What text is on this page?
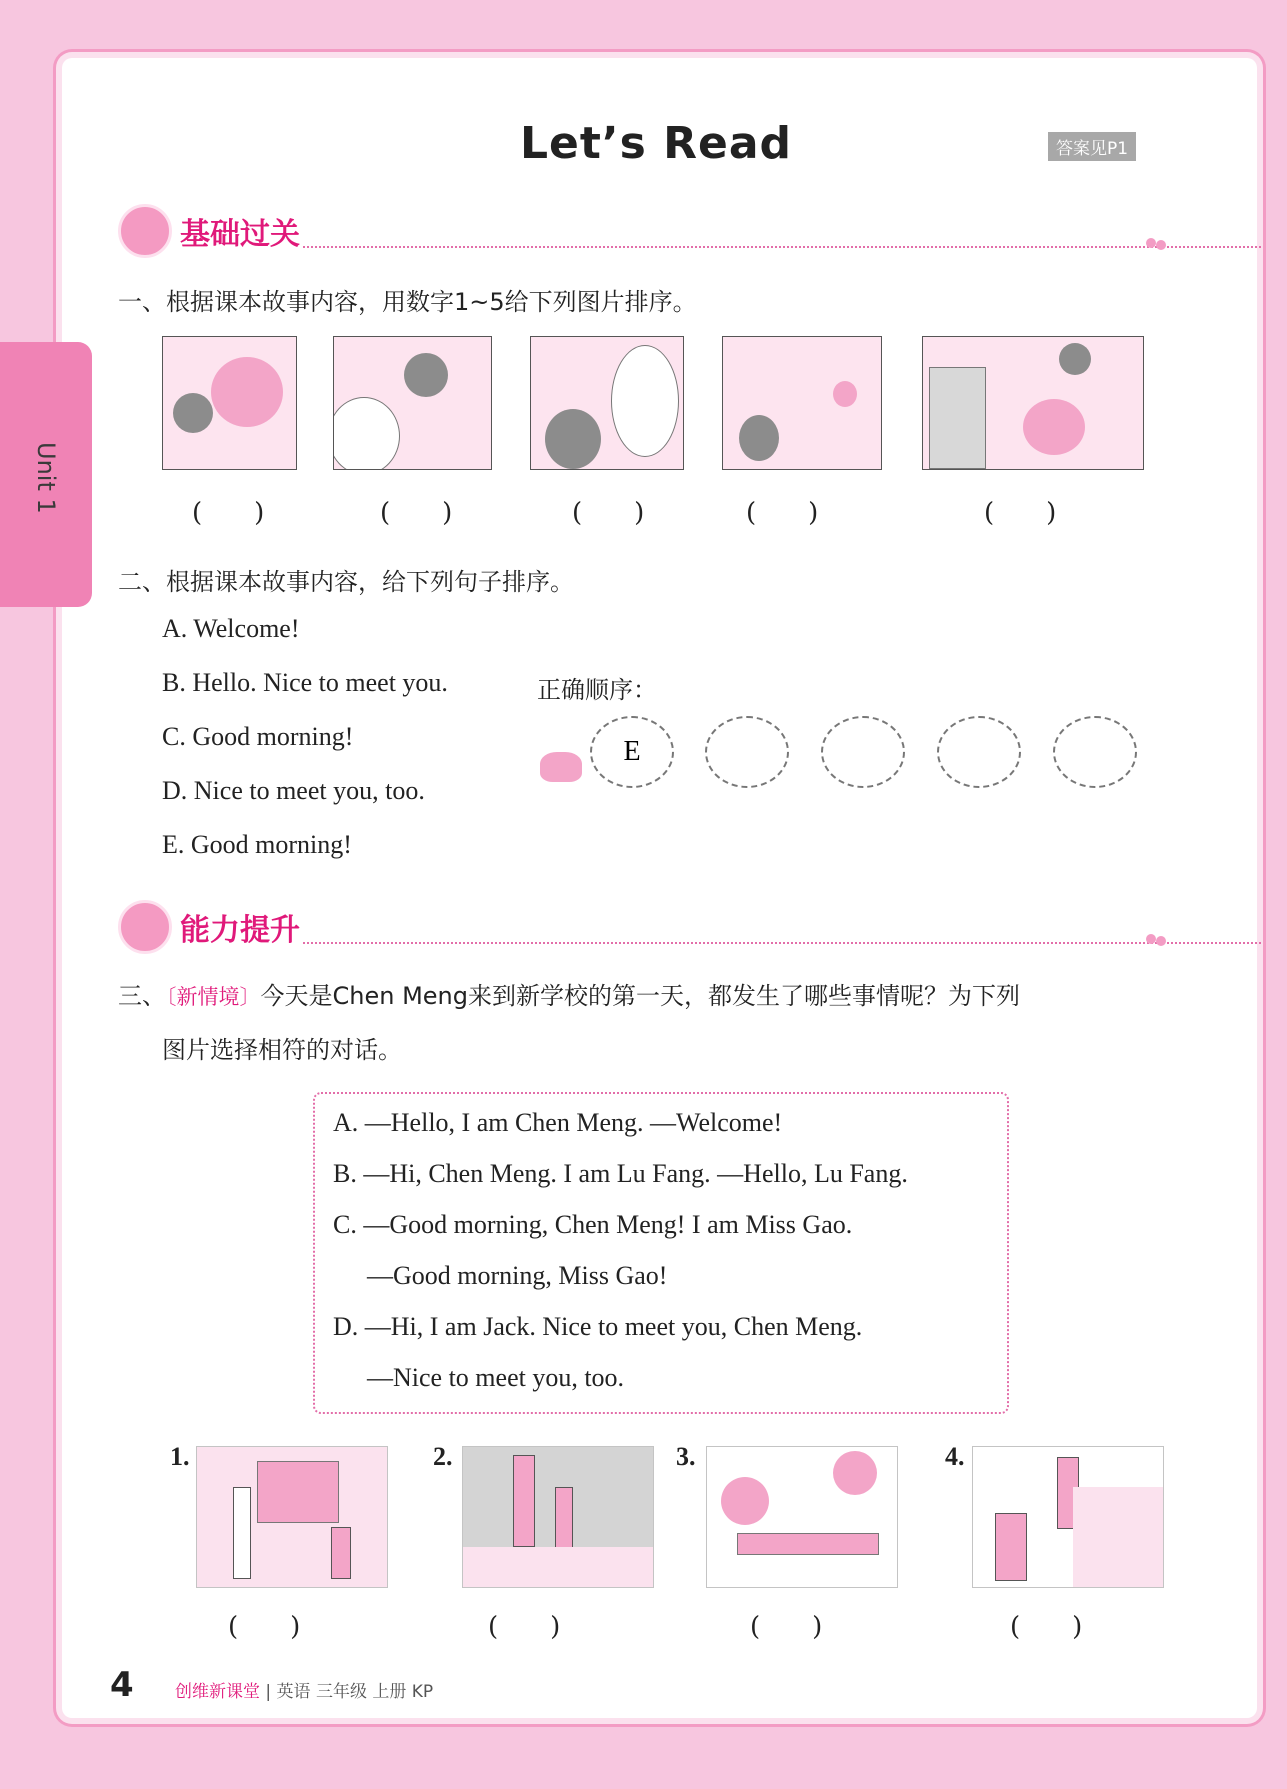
Unit 1
Let’s Read	答案见P1
基础过关
一、根据课本故事内容，用数字1~5给下列图片排序。
(　　)	(　　)	(　　)	(　　)	(　　)
二、根据课本故事内容，给下列句子排序。
A. Welcome!
B. Hello. Nice to meet you.
C. Good morning!
D. Nice to meet you, too.
E. Good morning!
正确顺序：
E
能力提升
三、〔新情境〕今天是Chen Meng来到新学校的第一天，都发生了哪些事情呢？为下列
图片选择相符的对话。
A. —Hello, I am Chen Meng. —Welcome!
B. —Hi, Chen Meng. I am Lu Fang. —Hello, Lu Fang.
C. —Good morning, Chen Meng! I am Miss Gao.
—Good morning, Miss Gao!
D. —Hi, I am Jack. Nice to meet you, Chen Meng.
—Nice to meet you, too.
1.	2.	3.	4.
(　　)	(　　)	(　　)	(　　)
4 创维新课堂 | 英语 三年级 上册 KP
